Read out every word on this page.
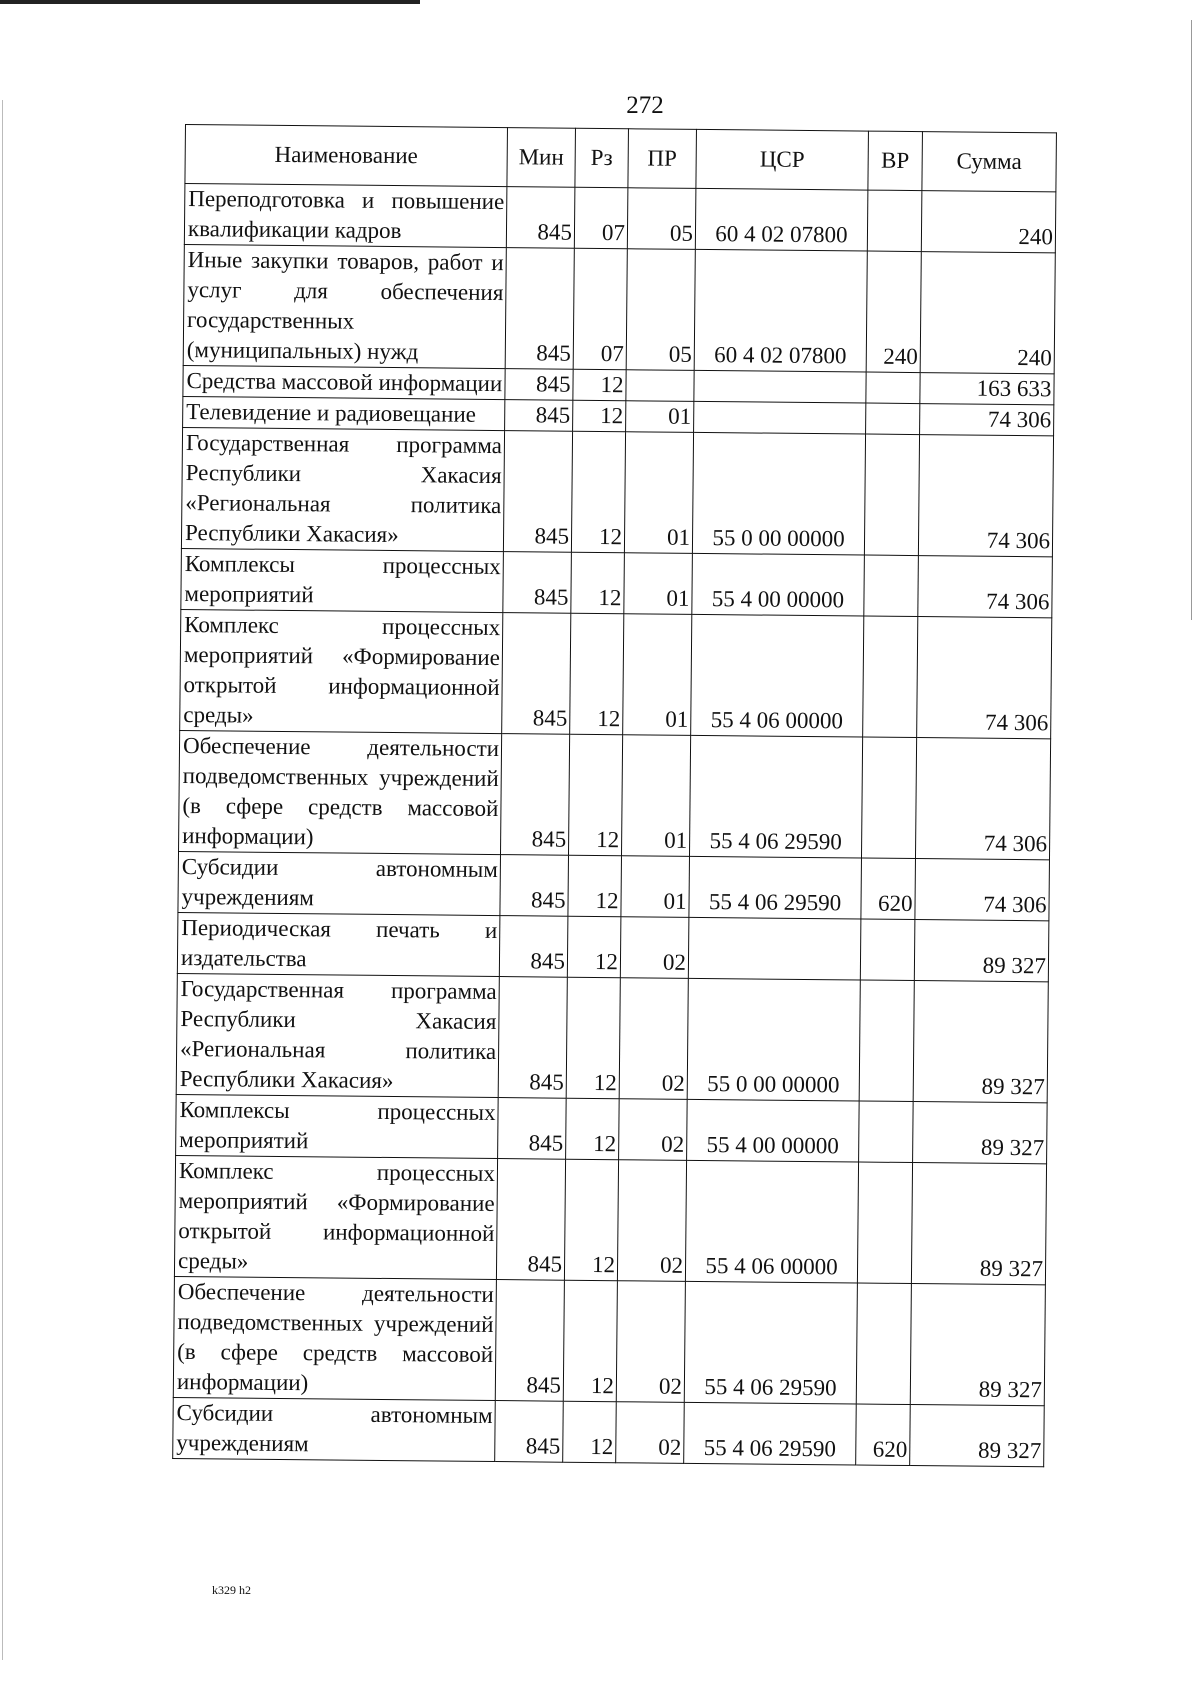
272
Наименование	Мин	Рз	ПР	ЦСР	ВР	Сумма
Переподготовка и повышение квалификации кадров	845	07	05	60 4 02 07800		240
Иные закупки товаров, работ и услуг для обеспечения государственных (муниципальных) нужд	845	07	05	60 4 02 07800	240	240
Средства массовой информации	845	12				163 633
Телевидение и радиовещание	845	12	01			74 306
Государственная программа Республики Хакасия «Региональная политика Республики Хакасия»	845	12	01	55 0 00 00000		74 306
Комплексы процессных мероприятий	845	12	01	55 4 00 00000		74 306
Комплекс процессных мероприятий «Формирование открытой информационной среды»	845	12	01	55 4 06 00000		74 306
Обеспечение деятельности подведомственных учреждений (в сфере средств массовой информации)	845	12	01	55 4 06 29590		74 306
Субсидии автономным учреждениям	845	12	01	55 4 06 29590	620	74 306
Периодическая печать и издательства	845	12	02			89 327
Государственная программа Республики Хакасия «Региональная политика Республики Хакасия»	845	12	02	55 0 00 00000		89 327
Комплексы процессных мероприятий	845	12	02	55 4 00 00000		89 327
Комплекс процессных мероприятий «Формирование открытой информационной среды»	845	12	02	55 4 06 00000		89 327
Обеспечение деятельности подведомственных учреждений (в сфере средств массовой информации)	845	12	02	55 4 06 29590		89 327
Субсидии автономным учреждениям	845	12	02	55 4 06 29590	620	89 327
k329 h2
